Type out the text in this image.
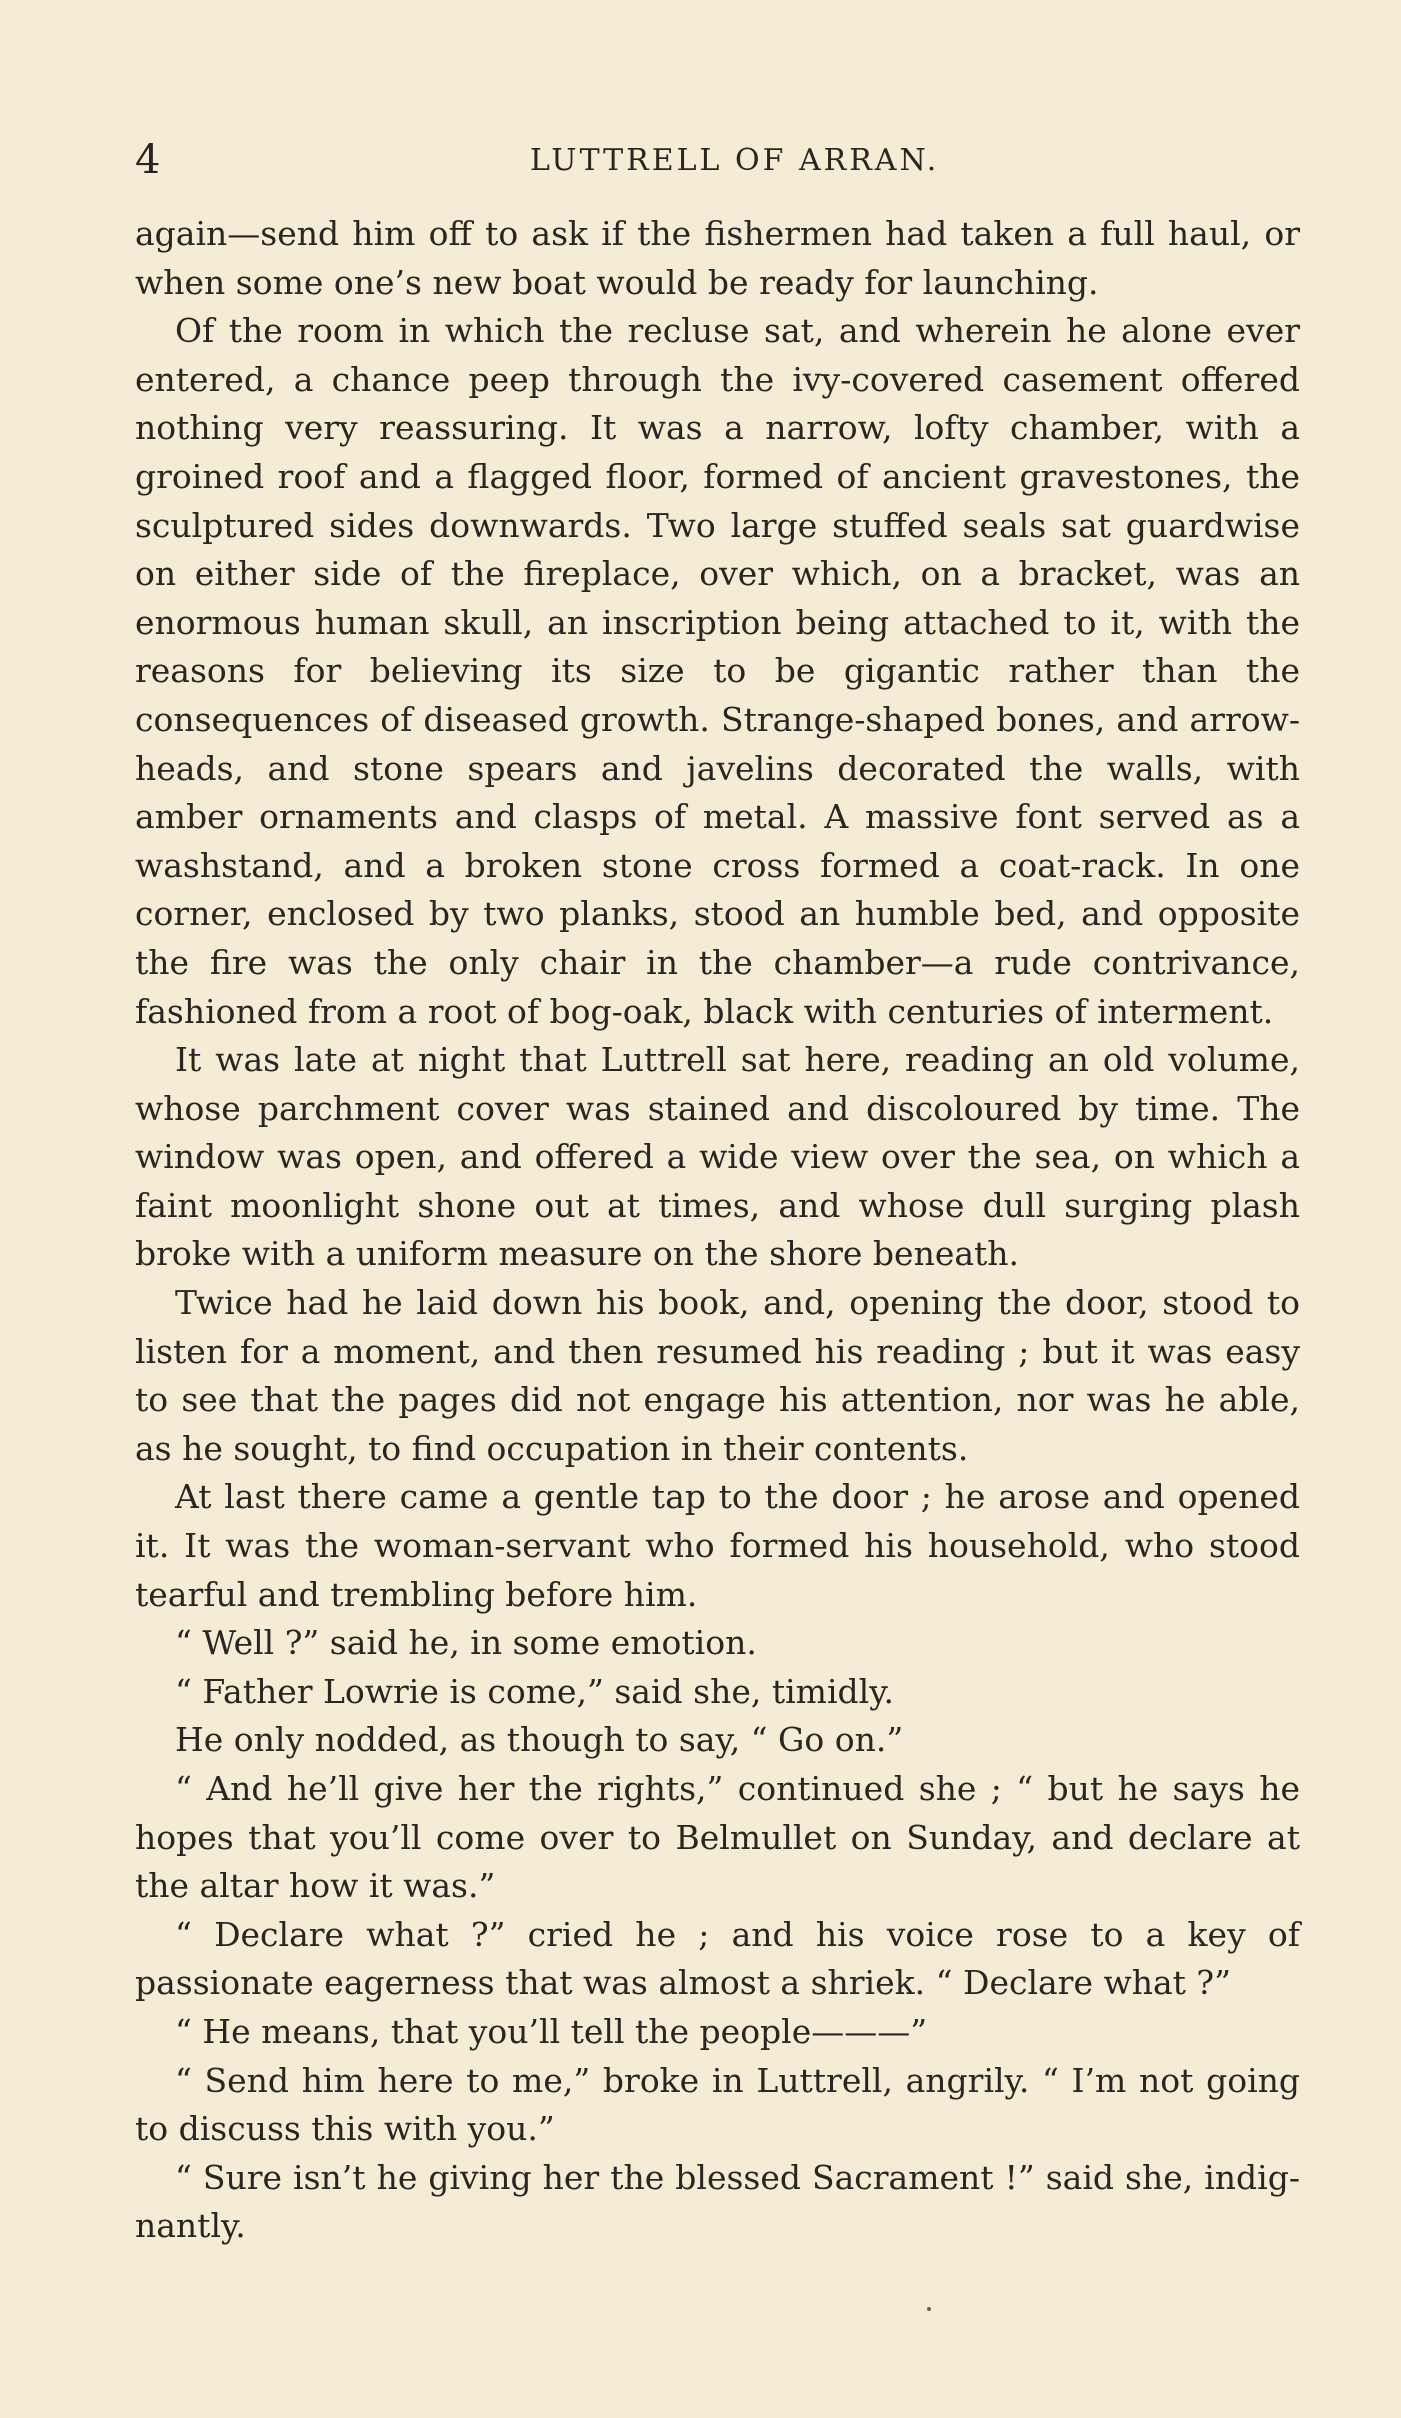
4	LUTTRELL OF ARRAN.

again—send him off to ask if the fishermen had taken a full haul, or when some one’s new boat would be ready for launching.

Of the room in which the recluse sat, and wherein he alone ever entered, a chance peep through the ivy-covered casement offered nothing very reassuring. It was a narrow, lofty chamber, with a groined roof and a flagged floor, formed of ancient gravestones, the sculptured sides downwards. Two large stuffed seals sat guardwise on either side of the fireplace, over which, on a bracket, was an enormous human skull, an inscription being attached to it, with the reasons for believing its size to be gigantic rather than the consequences of diseased growth. Strange-shaped bones, and arrow-heads, and stone spears and javelins decorated the walls, with amber ornaments and clasps of metal. A massive font served as a washstand, and a broken stone cross formed a coat-rack. In one corner, enclosed by two planks, stood an humble bed, and opposite the fire was the only chair in the chamber—a rude contrivance, fashioned from a root of bog-oak, black with centuries of interment.

It was late at night that Luttrell sat here, reading an old volume, whose parchment cover was stained and discoloured by time. The window was open, and offered a wide view over the sea, on which a faint moonlight shone out at times, and whose dull surging plash broke with a uniform measure on the shore beneath.

Twice had he laid down his book, and, opening the door, stood to listen for a moment, and then resumed his reading ; but it was easy to see that the pages did not engage his attention, nor was he able, as he sought, to find occupation in their contents.

At last there came a gentle tap to the door ; he arose and opened it. It was the woman-servant who formed his household, who stood tearful and trembling before him.

“ Well ?” said he, in some emotion.

“ Father Lowrie is come,” said she, timidly.

He only nodded, as though to say, “ Go on.”

“ And he’ll give her the rights,” continued she ; “ but he says he hopes that you’ll come over to Belmullet on Sunday, and declare at the altar how it was.”

“ Declare what ?” cried he ; and his voice rose to a key of passionate eagerness that was almost a shriek. “ Declare what ?”

“ He means, that you’ll tell the people———”

“ Send him here to me,” broke in Luttrell, angrily. “ I’m not going to discuss this with you.”

“ Sure isn’t he giving her the blessed Sacrament !” said she, indig-nantly.
